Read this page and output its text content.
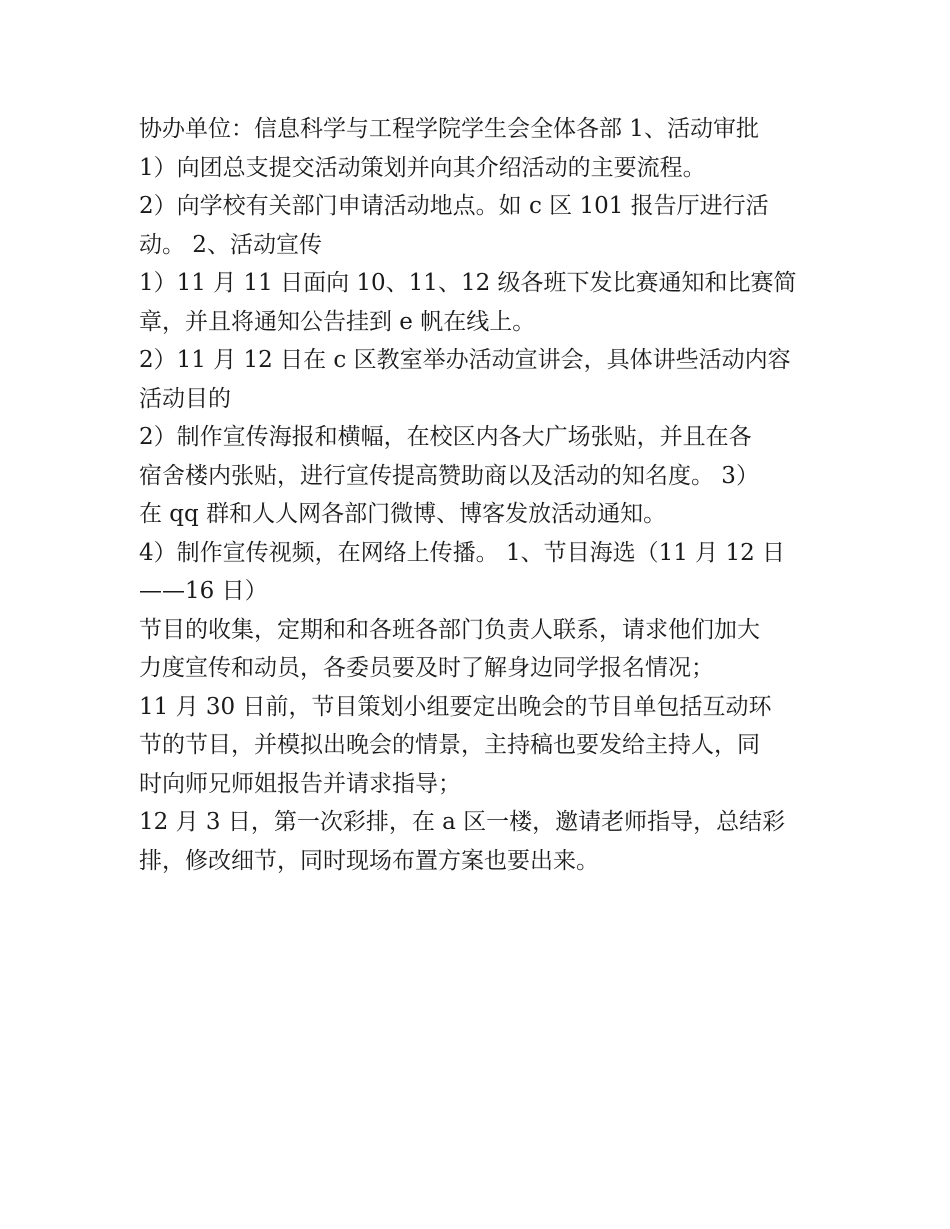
协办单位：信息科学与工程学院学生会全体各部 1、活动审批

1）向团总支提交活动策划并向其介绍活动的主要流程。

2）向学校有关部门申请活动地点。如 c 区 101 报告厅进行活

动。 2、活动宣传

1）11 月 11 日面向 10、11、12 级各班下发比赛通知和比赛简

章，并且将通知公告挂到 e 帆在线上。

2）11 月 12 日在 c 区教室举办活动宣讲会，具体讲些活动内容

活动目的

2）制作宣传海报和横幅，在校区内各大广场张贴，并且在各

宿舍楼内张贴，进行宣传提高赞助商以及活动的知名度。 3）

在 qq 群和人人网各部门微博、博客发放活动通知。

4）制作宣传视频，在网络上传播。 1、节目海选（11 月 12 日

——16 日）

节目的收集，定期和和各班各部门负责人联系，请求他们加大

力度宣传和动员，各委员要及时了解身边同学报名情况；

11 月 30 日前，节目策划小组要定出晚会的节目单包括互动环

节的节目，并模拟出晚会的情景，主持稿也要发给主持人，同

时向师兄师姐报告并请求指导；

12 月 3 日，第一次彩排，在 a 区一楼，邀请老师指导，总结彩

排，修改细节，同时现场布置方案也要出来。
